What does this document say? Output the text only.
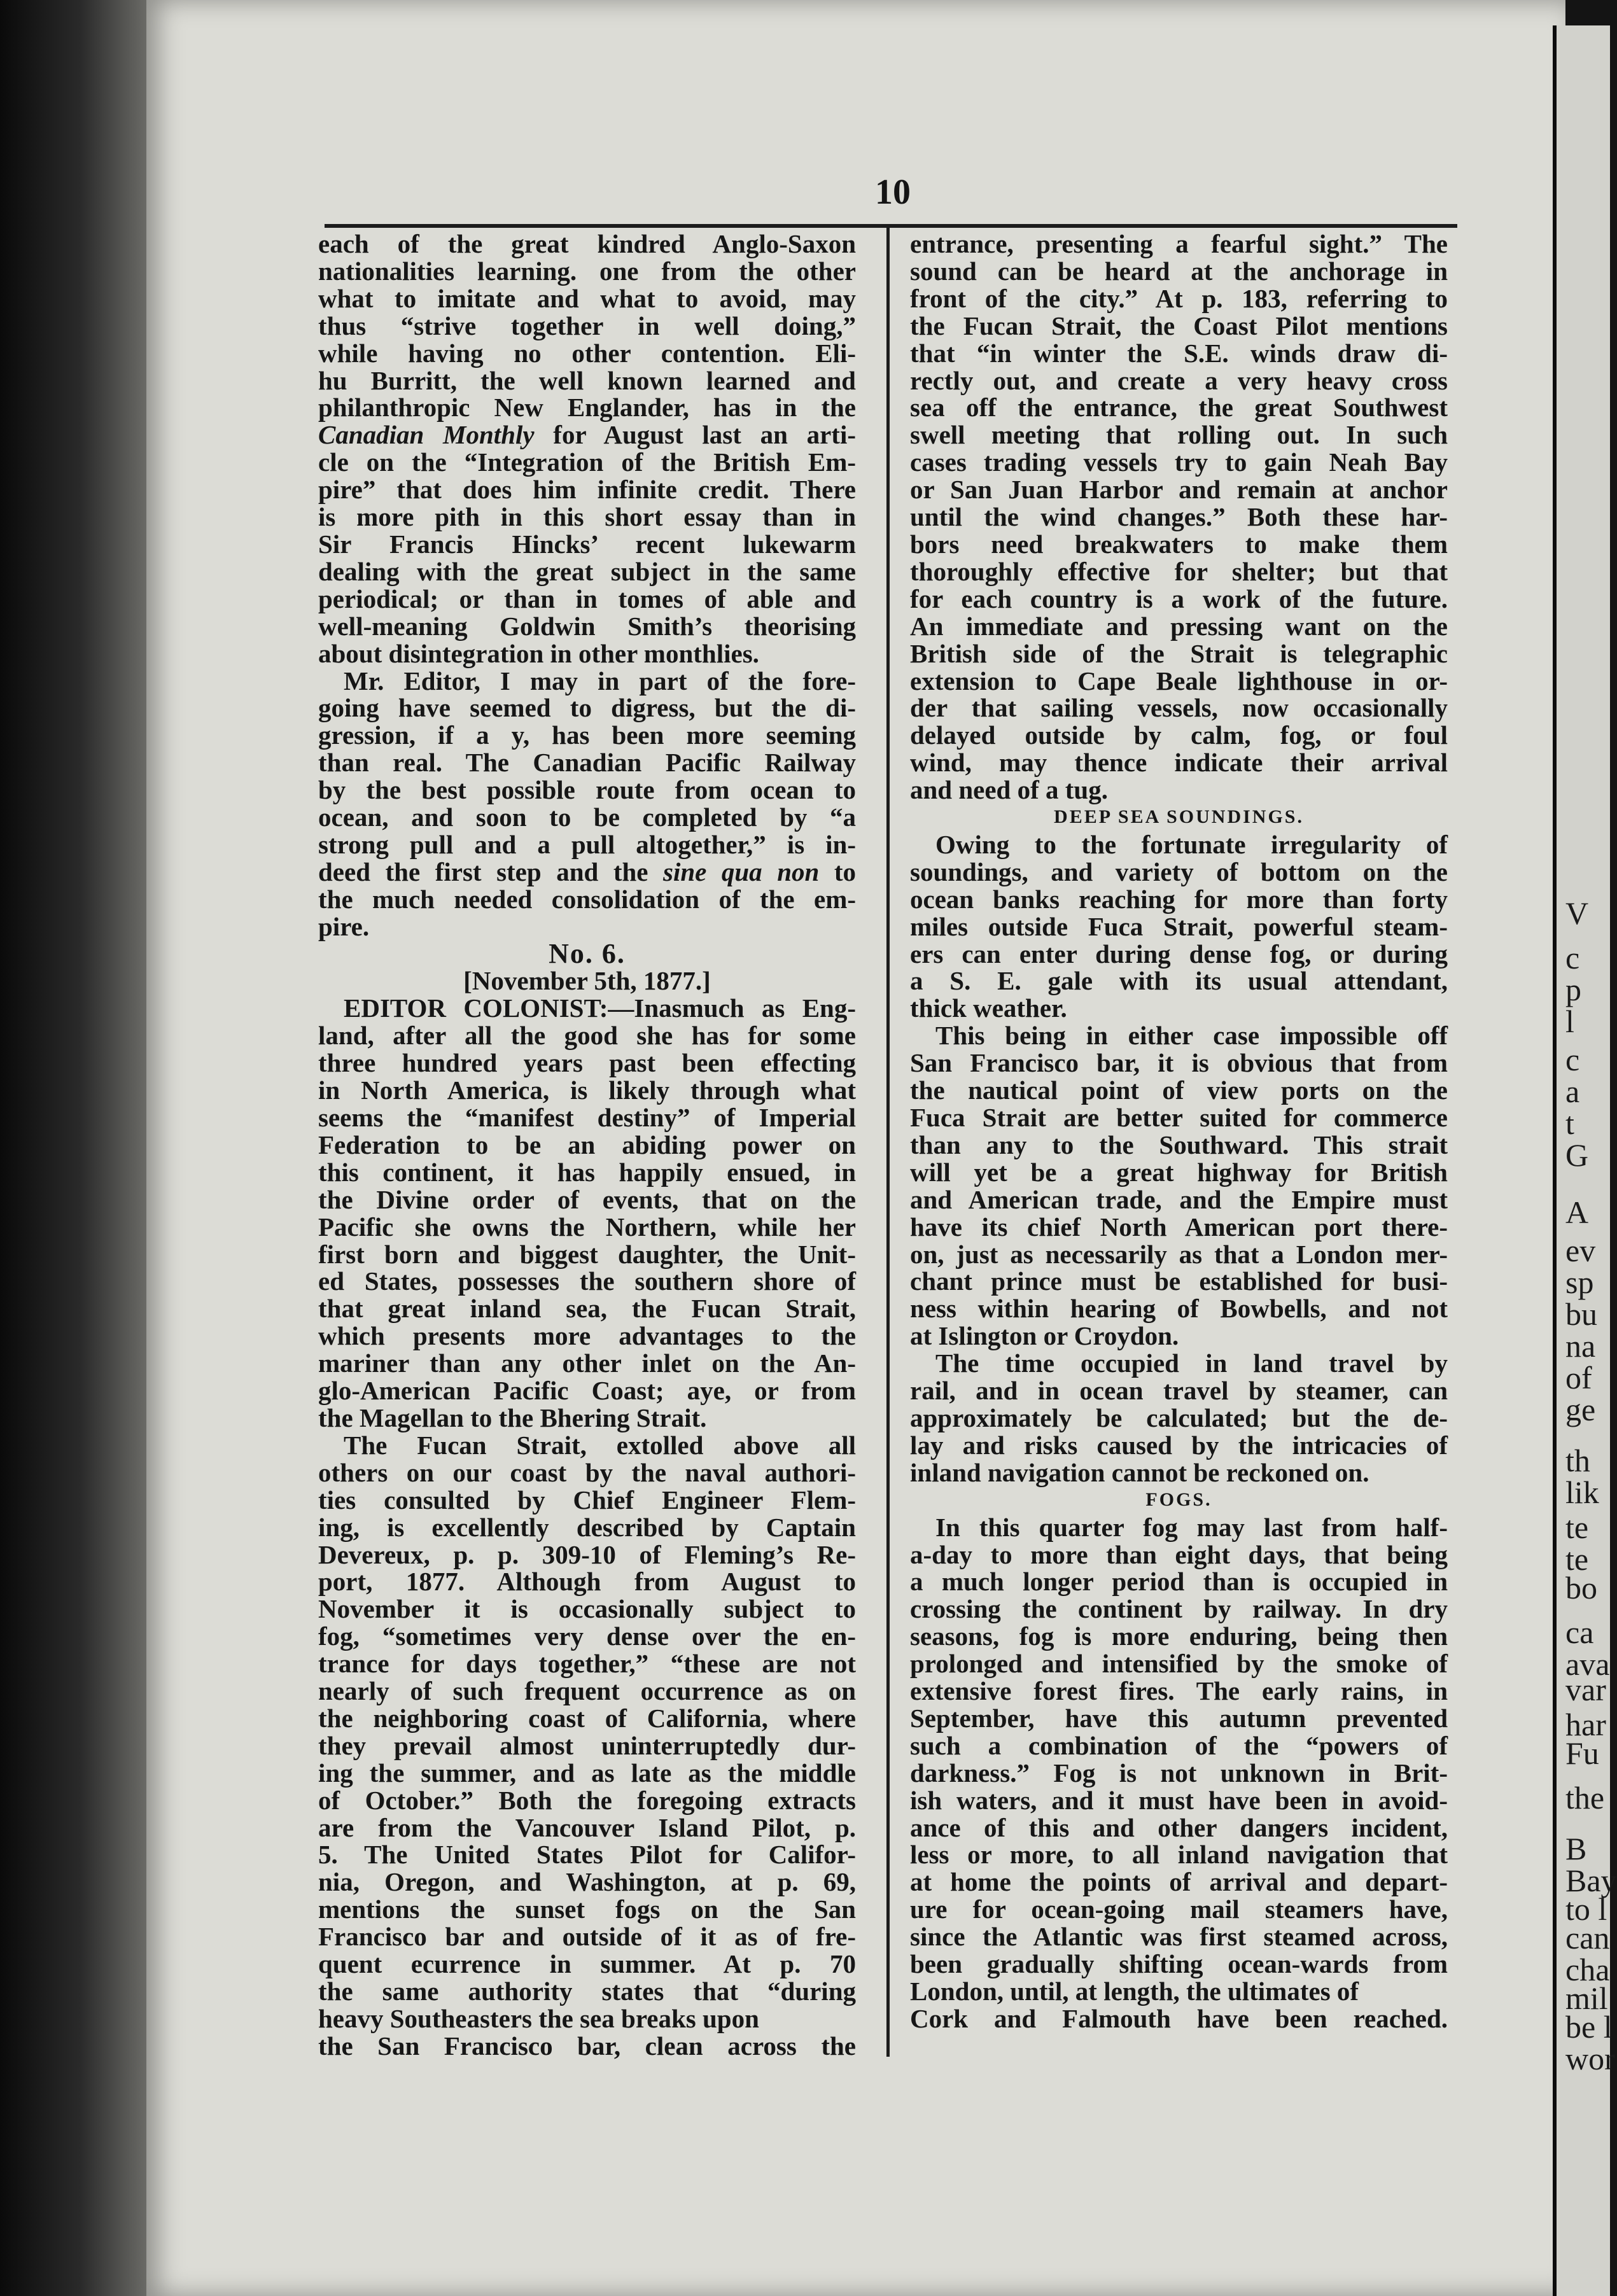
V
c
p
l
c
a
t
G
A
ev
sp
bu
na
of
ge
th
lik
te
te
bo
ca
ava
var
har
Fu
the
B
Bay
to l
can
cha
mil
be l
wor
10
each of the great kindred Anglo-Saxon
nationalities learning. one from the other
what to imitate and what to avoid, may
thus “strive together in well doing,”
while having no other contention. Eli-
hu Burritt, the well known learned and
philanthropic New Englander, has in the
Canadian Monthly for August last an arti-
cle on the “Integration of the British Em-
pire” that does him infinite credit. There
is more pith in this short essay than in
Sir Francis Hincks’ recent lukewarm
dealing with the great subject in the same
periodical; or than in tomes of able and
well-meaning Goldwin Smith’s theorising
about disintegration in other monthlies.
Mr. Editor, I may in part of the fore-
going have seemed to digress, but the di-
gression, if a y, has been more seeming
than real. The Canadian Pacific Railway
by the best possible route from ocean to
ocean, and soon to be completed by “a
strong pull and a pull altogether,” is in-
deed the first step and the sine qua non to
the much needed consolidation of the em-
pire.
No. 6.
[November 5th, 1877.]
EDITOR COLONIST:—Inasmuch as Eng-
land, after all the good she has for some
three hundred years past been effecting
in North America, is likely through what
seems the “manifest destiny” of Imperial
Federation to be an abiding power on
this continent, it has happily ensued, in
the Divine order of events, that on the
Pacific she owns the Northern, while her
first born and biggest daughter, the Unit-
ed States, possesses the southern shore of
that great inland sea, the Fucan Strait,
which presents more advantages to the
mariner than any other inlet on the An-
glo-American Pacific Coast; aye, or from
the Magellan to the Bhering Strait.
The Fucan Strait, extolled above all
others on our coast by the naval authori-
ties consulted by Chief Engineer Flem-
ing, is excellently described by Captain
Devereux, p. p. 309-10 of Fleming’s Re-
port, 1877. Although from August to
November it is occasionally subject to
fog, “sometimes very dense over the en-
trance for days together,” “these are not
nearly of such frequent occurrence as on
the neighboring coast of California, where
they prevail almost uninterruptedly dur-
ing the summer, and as late as the middle
of October.” Both the foregoing extracts
are from the Vancouver Island Pilot, p.
5. The United States Pilot for Califor-
nia, Oregon, and Washington, at p. 69,
mentions the sunset fogs on the San
Francisco bar and outside of it as of fre-
quent ecurrence in summer. At p. 70
the same authority states that “during
heavy Southeasters the sea breaks upon
the San Francisco bar, clean across the
entrance, presenting a fearful sight.” The
sound can be heard at the anchorage in
front of the city.” At p. 183, referring to
the Fucan Strait, the Coast Pilot mentions
that “in winter the S.E. winds draw di-
rectly out, and create a very heavy cross
sea off the entrance, the great Southwest
swell meeting that rolling out. In such
cases trading vessels try to gain Neah Bay
or San Juan Harbor and remain at anchor
until the wind changes.” Both these har-
bors need breakwaters to make them
thoroughly effective for shelter; but that
for each country is a work of the future.
An immediate and pressing want on the
British side of the Strait is telegraphic
extension to Cape Beale lighthouse in or-
der that sailing vessels, now occasionally
delayed outside by calm, fog, or foul
wind, may thence indicate their arrival
and need of a tug.
DEEP SEA SOUNDINGS.
Owing to the fortunate irregularity of
soundings, and variety of bottom on the
ocean banks reaching for more than forty
miles outside Fuca Strait, powerful steam-
ers can enter during dense fog, or during
a S. E. gale with its usual attendant,
thick weather.
This being in either case impossible off
San Francisco bar, it is obvious that from
the nautical point of view ports on the
Fuca Strait are better suited for commerce
than any to the Southward. This strait
will yet be a great highway for British
and American trade, and the Empire must
have its chief North American port there-
on, just as necessarily as that a London mer-
chant prince must be established for busi-
ness within hearing of Bowbells, and not
at Islington or Croydon.
The time occupied in land travel by
rail, and in ocean travel by steamer, can
approximately be calculated; but the de-
lay and risks caused by the intricacies of
inland navigation cannot be reckoned on.
FOGS.
In this quarter fog may last from half-
a-day to more than eight days, that being
a much longer period than is occupied in
crossing the continent by railway. In dry
seasons, fog is more enduring, being then
prolonged and intensified by the smoke of
extensive forest fires. The early rains, in
September, have this autumn prevented
such a combination of the “powers of
darkness.” Fog is not unknown in Brit-
ish waters, and it must have been in avoid-
ance of this and other dangers incident,
less or more, to all inland navigation that
at home the points of arrival and depart-
ure for ocean-going mail steamers have,
since the Atlantic was first steamed across,
been gradually shifting ocean-wards from
London, until, at length, the ultimates of
Cork and Falmouth have been reached.
